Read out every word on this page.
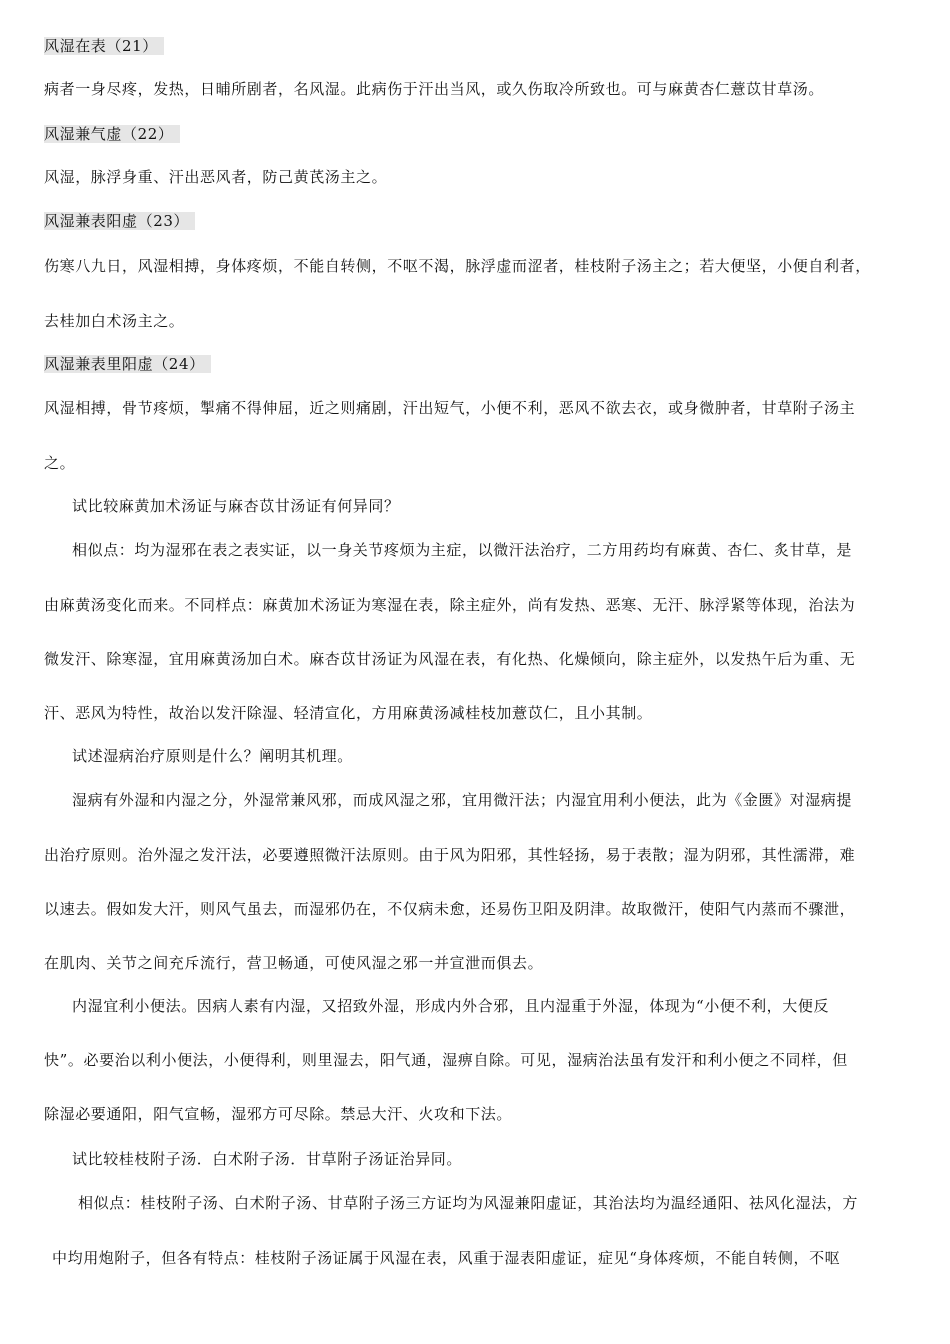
风湿在表（21）
病者一身尽疼，发热，日晡所剧者，名风湿。此病伤于汗出当风，或久伤取冷所致也。可与麻黄杏仁薏苡甘草汤。
风湿兼气虚（22）
风湿，脉浮身重、汗出恶风者，防己黄芪汤主之。
风湿兼表阳虚（23）
伤寒八九日，风湿相搏，身体疼烦，不能自转侧，不呕不渴，脉浮虚而涩者，桂枝附子汤主之；若大便坚，小便自利者，
去桂加白术汤主之。
风湿兼表里阳虚（24）
风湿相搏，骨节疼烦，掣痛不得伸屈，近之则痛剧，汗出短气，小便不利，恶风不欲去衣，或身微肿者，甘草附子汤主
之。
试比较麻黄加术汤证与麻杏苡甘汤证有何异同？
相似点：均为湿邪在表之表实证，以一身关节疼烦为主症，以微汗法治疗，二方用药均有麻黄、杏仁、炙甘草，是
由麻黄汤变化而来。不同样点：麻黄加术汤证为寒湿在表，除主症外，尚有发热、恶寒、无汗、脉浮紧等体现，治法为
微发汗、除寒湿，宜用麻黄汤加白术。麻杏苡甘汤证为风湿在表，有化热、化燥倾向，除主症外，以发热午后为重、无
汗、恶风为特性，故治以发汗除湿、轻清宣化，方用麻黄汤减桂枝加薏苡仁，且小其制。
试述湿病治疗原则是什么？阐明其机理。
湿病有外湿和内湿之分，外湿常兼风邪，而成风湿之邪，宜用微汗法；内湿宜用利小便法，此为《金匮》对湿病提
出治疗原则。治外湿之发汗法，必要遵照微汗法原则。由于风为阳邪，其性轻扬，易于表散；湿为阴邪，其性濡滞，难
以速去。假如发大汗，则风气虽去，而湿邪仍在，不仅病未愈，还易伤卫阳及阴津。故取微汗，使阳气内蒸而不骤泄，
在肌肉、关节之间充斥流行，营卫畅通，可使风湿之邪一并宣泄而俱去。
内湿宜利小便法。因病人素有内湿，又招致外湿，形成内外合邪，且内湿重于外湿，体现为“小便不利，大便反
快”。必要治以利小便法，小便得利，则里湿去，阳气通，湿痹自除。可见，湿病治法虽有发汗和利小便之不同样，但
除湿必要通阳，阳气宣畅，湿邪方可尽除。禁忌大汗、火攻和下法。
试比较桂枝附子汤．白术附子汤．甘草附子汤证治异同。
相似点：桂枝附子汤、白术附子汤、甘草附子汤三方证均为风湿兼阳虚证，其治法均为温经通阳、祛风化湿法，方
中均用炮附子，但各有特点：桂枝附子汤证属于风湿在表，风重于湿表阳虚证，症见“身体疼烦，不能自转侧，不呕
